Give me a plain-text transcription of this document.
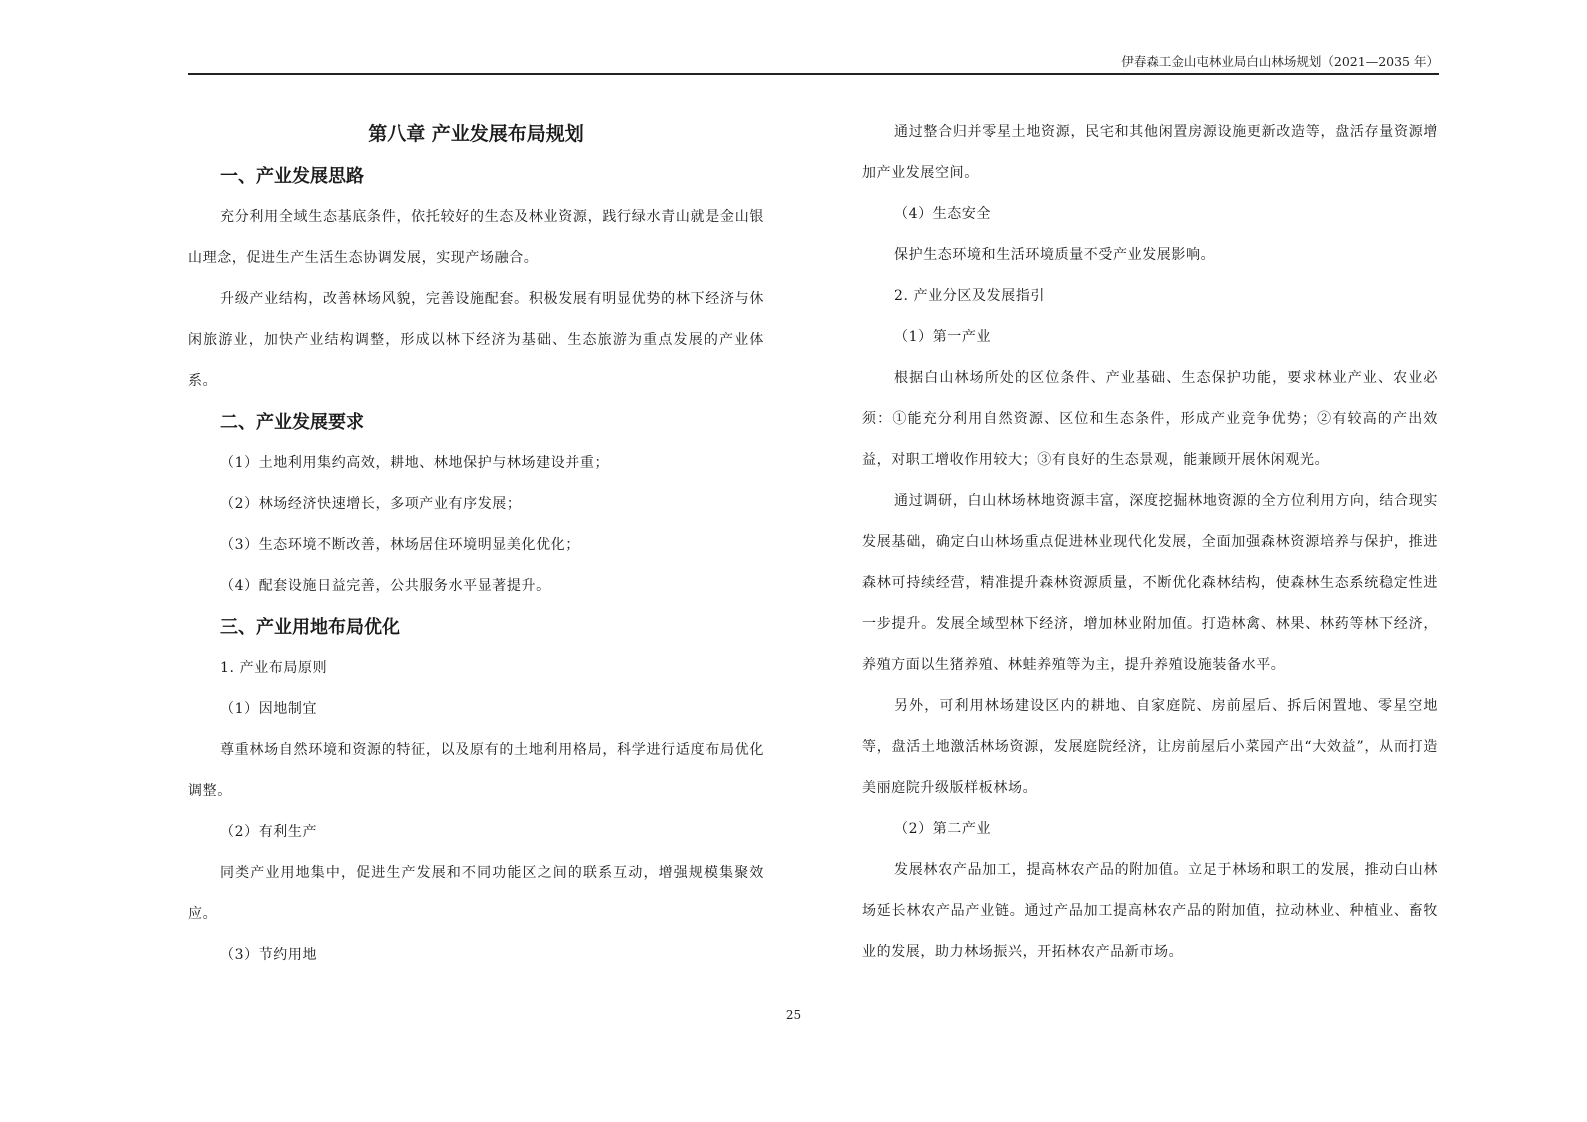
伊春森工金山屯林业局白山林场规划（2021—2035 年）
第八章 产业发展布局规划
一、产业发展思路

充分利用全域生态基底条件，依托较好的生态及林业资源，践行绿水青山就是金山银山理念，促进生产生活生态协调发展，实现产场融合。

升级产业结构，改善林场风貌，完善设施配套。积极发展有明显优势的林下经济与休闲旅游业，加快产业结构调整，形成以林下经济为基础、生态旅游为重点发展的产业体系。

二、产业发展要求

（1）土地利用集约高效，耕地、林地保护与林场建设并重；

（2）林场经济快速增长，多项产业有序发展；

（3）生态环境不断改善，林场居住环境明显美化优化；

（4）配套设施日益完善，公共服务水平显著提升。

三、产业用地布局优化

1. 产业布局原则

（1）因地制宜

尊重林场自然环境和资源的特征，以及原有的土地利用格局，科学进行适度布局优化调整。

（2）有利生产

同类产业用地集中，促进生产发展和不同功能区之间的联系互动，增强规模集聚效应。

（3）节约用地

通过整合归并零星土地资源，民宅和其他闲置房源设施更新改造等，盘活存量资源增加产业发展空间。

（4）生态安全

保护生态环境和生活环境质量不受产业发展影响。

2. 产业分区及发展指引

（1）第一产业

根据白山林场所处的区位条件、产业基础、生态保护功能，要求林业产业、农业必须：①能充分利用自然资源、区位和生态条件，形成产业竞争优势；②有较高的产出效益，对职工增收作用较大；③有良好的生态景观，能兼顾开展休闲观光。

通过调研，白山林场林地资源丰富，深度挖掘林地资源的全方位利用方向，结合现实发展基础，确定白山林场重点促进林业现代化发展，全面加强森林资源培养与保护，推进森林可持续经营，精准提升森林资源质量，不断优化森林结构，使森林生态系统稳定性进一步提升。发展全域型林下经济，增加林业附加值。打造林禽、林果、林药等林下经济，养殖方面以生猪养殖、林蛙养殖等为主，提升养殖设施装备水平。

另外，可利用林场建设区内的耕地、自家庭院、房前屋后、拆后闲置地、零星空地等，盘活土地激活林场资源，发展庭院经济，让房前屋后小菜园产出“大效益”，从而打造美丽庭院升级版样板林场。

（2）第二产业

发展林农产品加工，提高林农产品的附加值。立足于林场和职工的发展，推动白山林场延长林农产品产业链。通过产品加工提高林农产品的附加值，拉动林业、种植业、畜牧业的发展，助力林场振兴，开拓林农产品新市场。

25
